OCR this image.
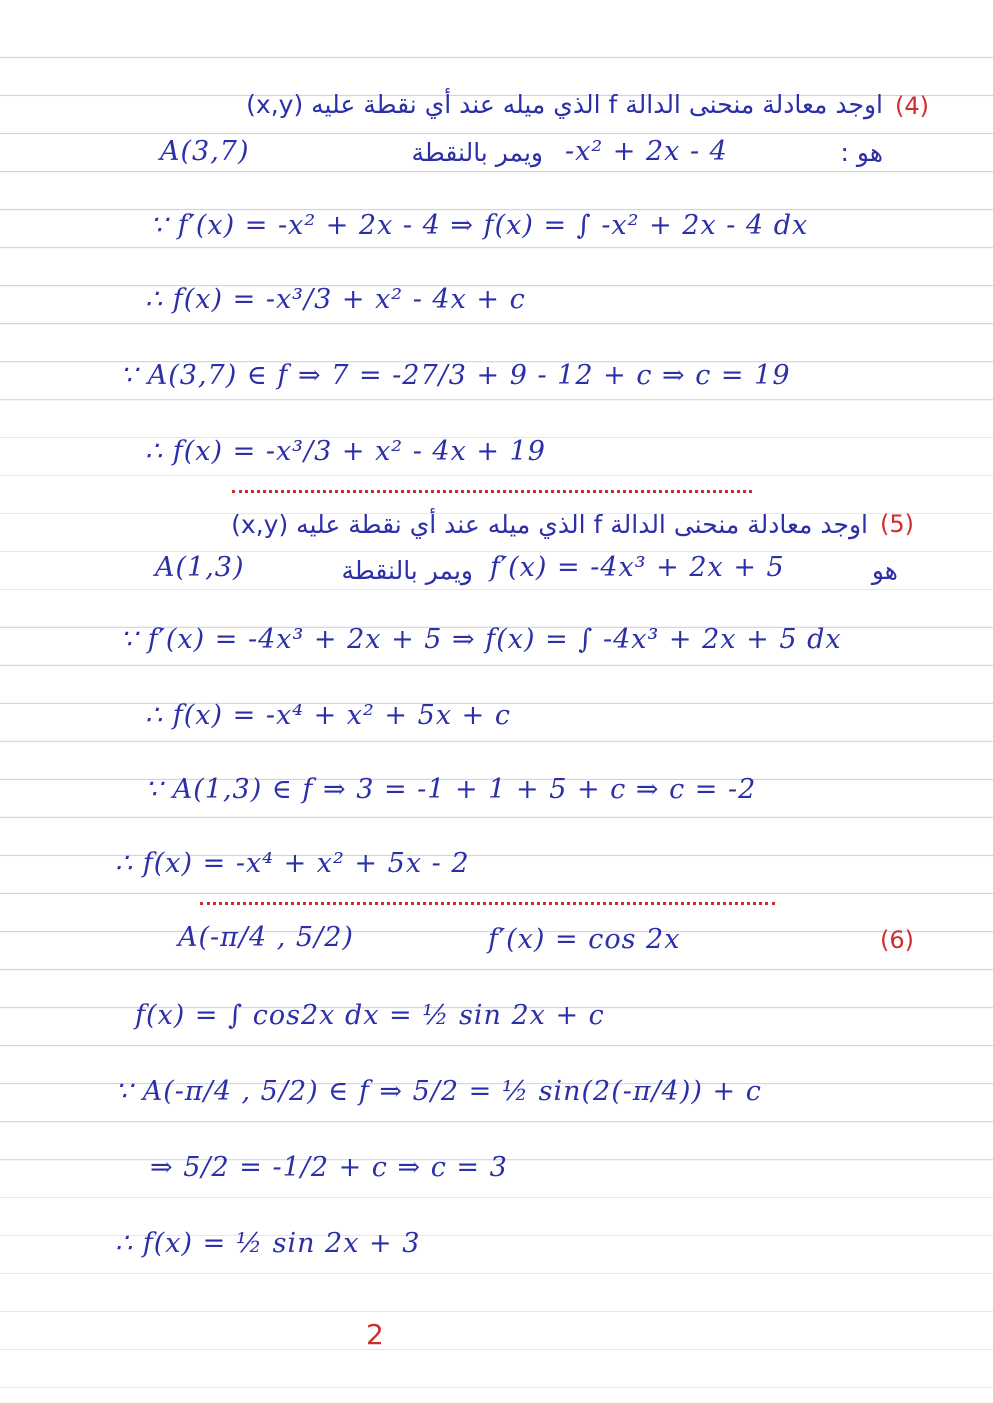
(4)
اوجد معادلة منحنى الدالة f الذي ميله عند أي نقطة عليه (x,y)
هو :
-x² + 2x - 4
ويمر بالنقطة
A(3,7)
∵ f′(x) = -x² + 2x - 4 ⇒ f(x) = ∫ -x² + 2x - 4 dx
∴ f(x) = -x³/3 + x² - 4x + c
∵ A(3,7) ∈ f ⇒ 7 = -27/3 + 9 - 12 + c ⇒ c = 19
∴ f(x) = -x³/3 + x² - 4x + 19
(5)
اوجد معادلة منحنى الدالة f الذي ميله عند أي نقطة عليه (x,y)
هو
f′(x) = -4x³ + 2x + 5
ويمر بالنقطة
A(1,3)
∵ f′(x) = -4x³ + 2x + 5 ⇒ f(x) = ∫ -4x³ + 2x + 5 dx
∴ f(x) = -x⁴ + x² + 5x + c
∵ A(1,3) ∈ f ⇒ 3 = -1 + 1 + 5 + c ⇒ c = -2
∴ f(x) = -x⁴ + x² + 5x - 2
A(-π/4 , 5/2)	f′(x) = cos 2x	(6)
f(x) = ∫ cos2x dx = ½ sin 2x + c
∵ A(-π/4 , 5/2) ∈ f ⇒ 5/2 = ½ sin(2(-π/4)) + c
⇒ 5/2 = -1/2 + c ⇒ c = 3
∴ f(x) = ½ sin 2x + 3
2
